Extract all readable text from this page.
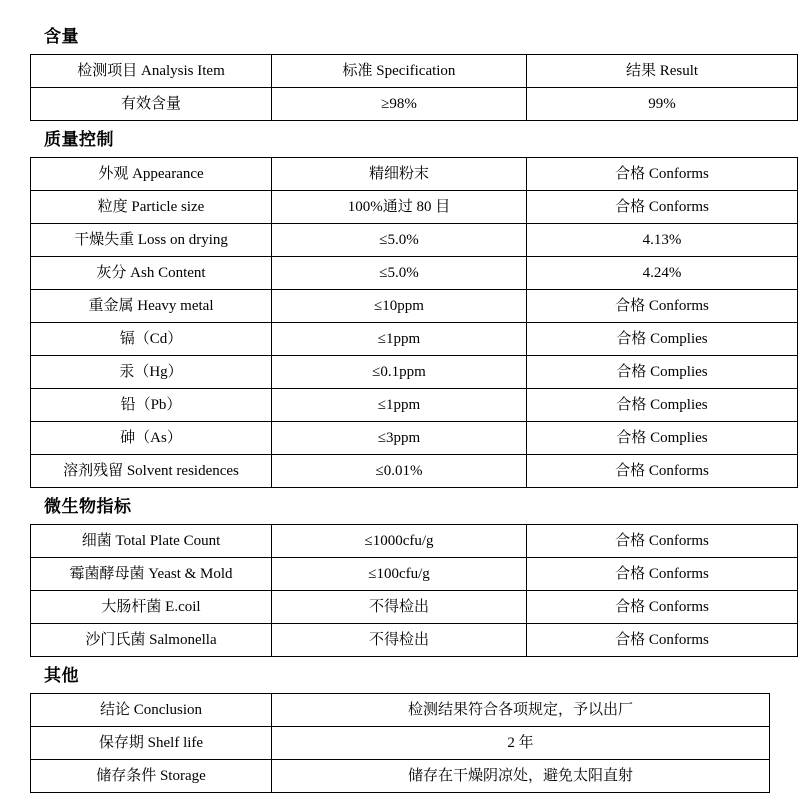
含量
检测项目 Analysis Item	标准 Specification	结果 Result
有效含量	≥98%	99%
质量控制
外观 Appearance	精细粉末	合格 Conforms
粒度 Particle size	100%通过 80 目	合格 Conforms
干燥失重 Loss on drying	≤5.0%	4.13%
灰分 Ash Content	≤5.0%	4.24%
重金属 Heavy metal	≤10ppm	合格 Conforms
镉（Cd）	≤1ppm	合格 Complies
汞（Hg）	≤0.1ppm	合格 Complies
铅（Pb）	≤1ppm	合格 Complies
砷（As）	≤3ppm	合格 Complies
溶剂残留 Solvent residences	≤0.01%	合格 Conforms
微生物指标
细菌 Total Plate Count	≤1000cfu/g	合格 Conforms
霉菌酵母菌 Yeast & Mold	≤100cfu/g	合格 Conforms
大肠杆菌 E.coil	不得检出	合格 Conforms
沙门氏菌 Salmonella	不得检出	合格 Conforms
其他
结论 Conclusion	检测结果符合各项规定，予以出厂
保存期 Shelf life	2 年
储存条件 Storage	储存在干燥阴凉处，避免太阳直射
